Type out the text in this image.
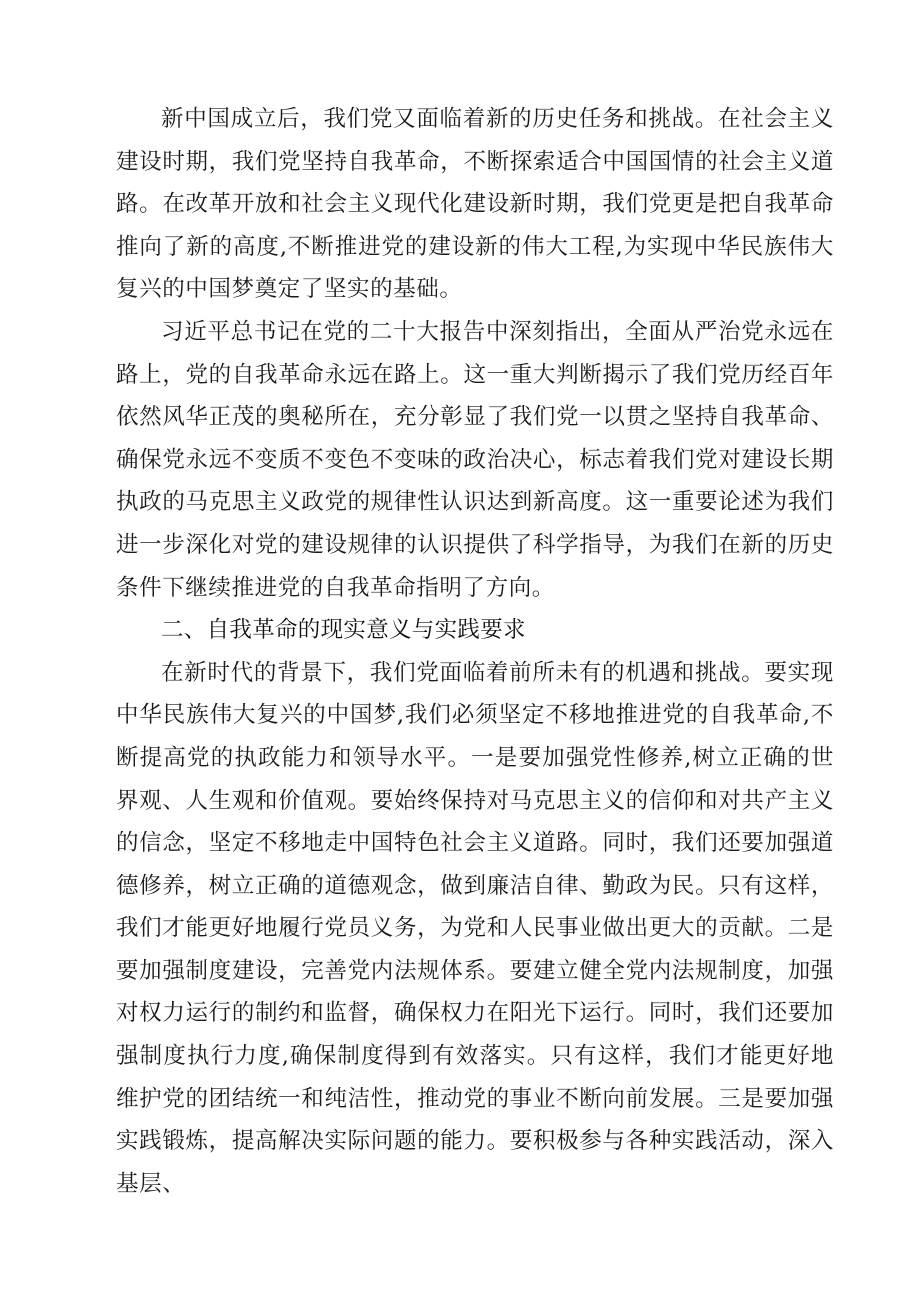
新中国成立后，我们党又面临着新的历史任务和挑战。在社会主义建设时期，我们党坚持自我革命，不断探索适合中国国情的社会主义道路。在改革开放和社会主义现代化建设新时期，我们党更是把自我革命推向了新的高度,不断推进党的建设新的伟大工程,为实现中华民族伟大复兴的中国梦奠定了坚实的基础。

习近平总书记在党的二十大报告中深刻指出，全面从严治党永远在路上，党的自我革命永远在路上。这一重大判断揭示了我们党历经百年依然风华正茂的奥秘所在，充分彰显了我们党一以贯之坚持自我革命、确保党永远不变质不变色不变味的政治决心，标志着我们党对建设长期执政的马克思主义政党的规律性认识达到新高度。这一重要论述为我们进一步深化对党的建设规律的认识提供了科学指导，为我们在新的历史条件下继续推进党的自我革命指明了方向。

二、自我革命的现实意义与实践要求

在新时代的背景下，我们党面临着前所未有的机遇和挑战。要实现中华民族伟大复兴的中国梦,我们必须坚定不移地推进党的自我革命,不断提高党的执政能力和领导水平。一是要加强党性修养,树立正确的世界观、人生观和价值观。要始终保持对马克思主义的信仰和对共产主义的信念，坚定不移地走中国特色社会主义道路。同时，我们还要加强道德修养，树立正确的道德观念，做到廉洁自律、勤政为民。只有这样，我们才能更好地履行党员义务，为党和人民事业做出更大的贡献。二是要加强制度建设，完善党内法规体系。要建立健全党内法规制度，加强对权力运行的制约和监督，确保权力在阳光下运行。同时，我们还要加强制度执行力度,确保制度得到有效落实。只有这样，我们才能更好地维护党的团结统一和纯洁性，推动党的事业不断向前发展。三是要加强实践锻炼，提高解决实际问题的能力。要积极参与各种实践活动，深入基层、
